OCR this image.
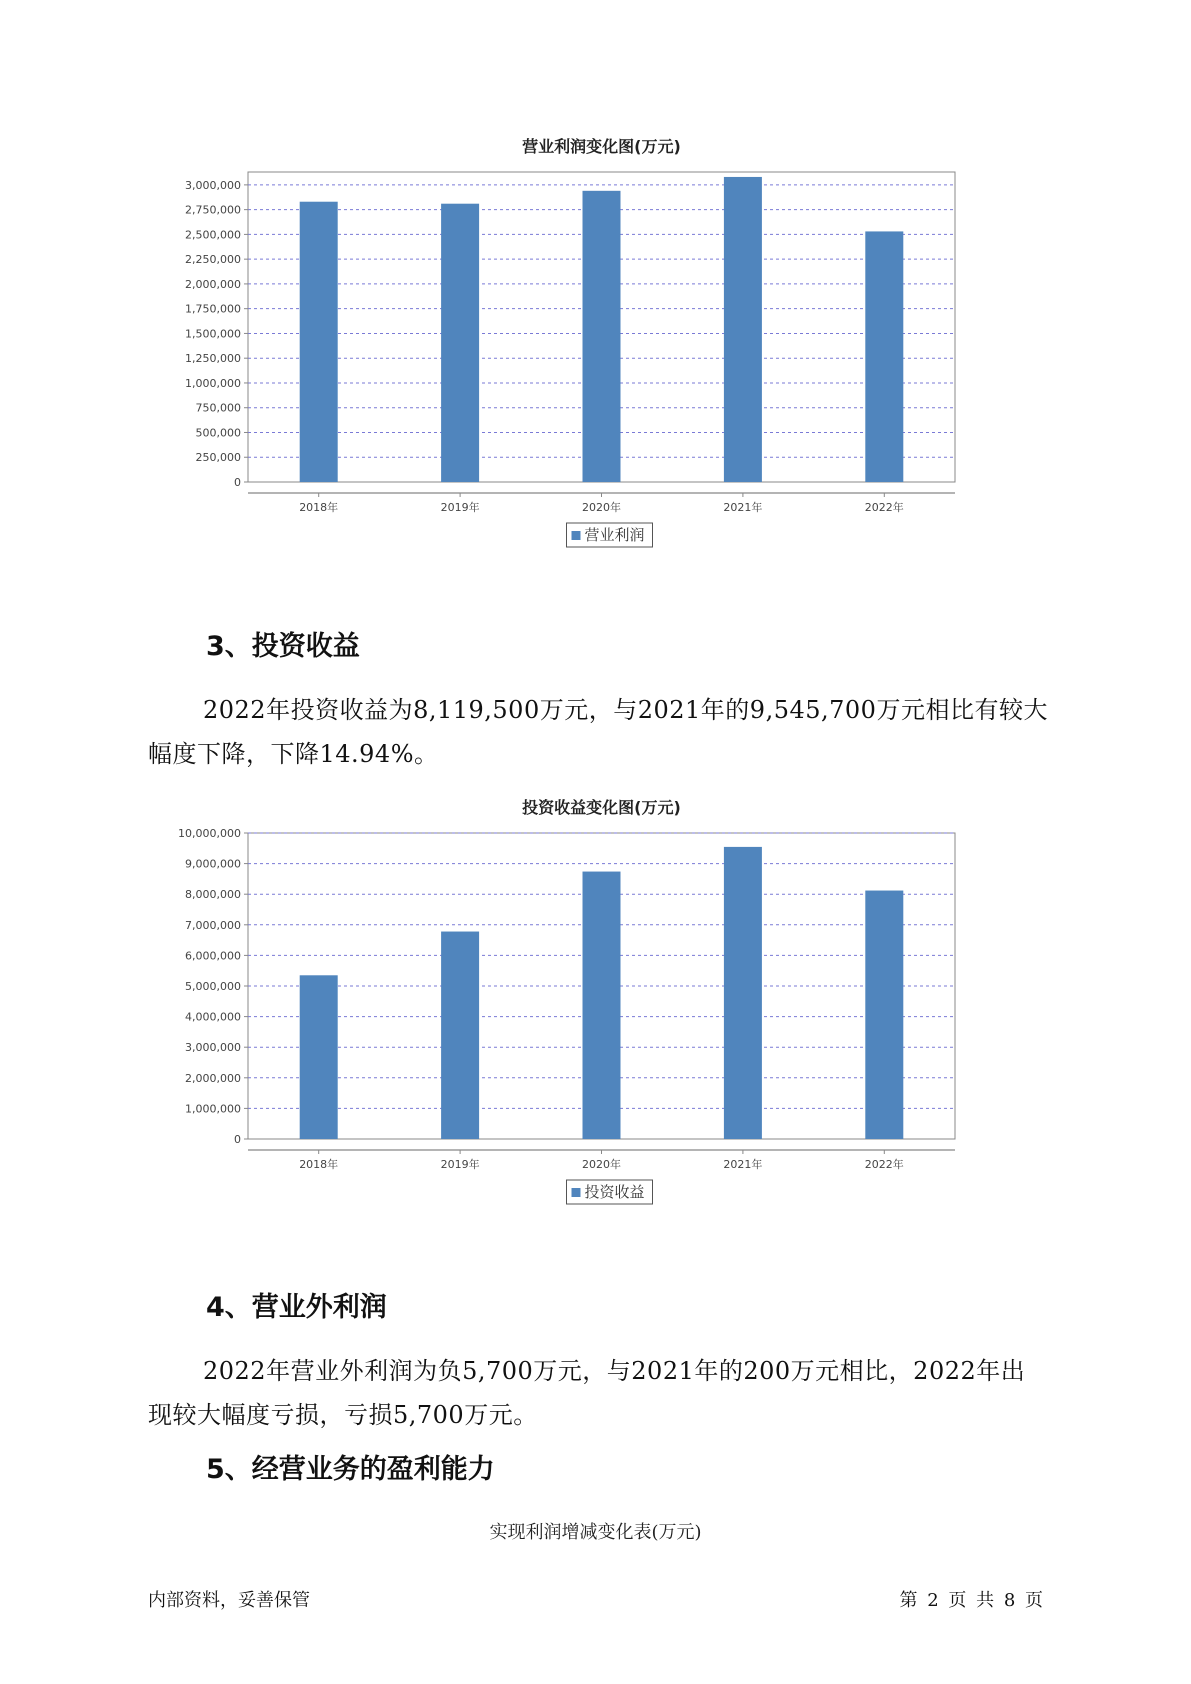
营业利润变化图(万元)
0
250,000
500,000
750,000
1,000,000
1,250,000
1,500,000
1,750,000
2,000,000
2,250,000
2,500,000
2,750,000
3,000,000
2018年	2019年	2020年	2021年	2022年
营业利润
3、投资收益

2022年投资收益为8,119,500万元，与2021年的9,545,700万元相比有较大幅度下降，下降14.94%。

投资收益变化图(万元)
0
1,000,000
2,000,000
3,000,000
4,000,000
5,000,000
6,000,000
7,000,000
8,000,000
9,000,000
10,000,000
2018年	2019年	2020年	2021年	2022年
投资收益
4、营业外利润

2022年营业外利润为负5,700万元，与2021年的200万元相比，2022年出现较大幅度亏损，亏损5,700万元。

5、经营业务的盈利能力
实现利润增减变化表(万元)
内部资料，妥善保管	第 2 页 共 8 页
